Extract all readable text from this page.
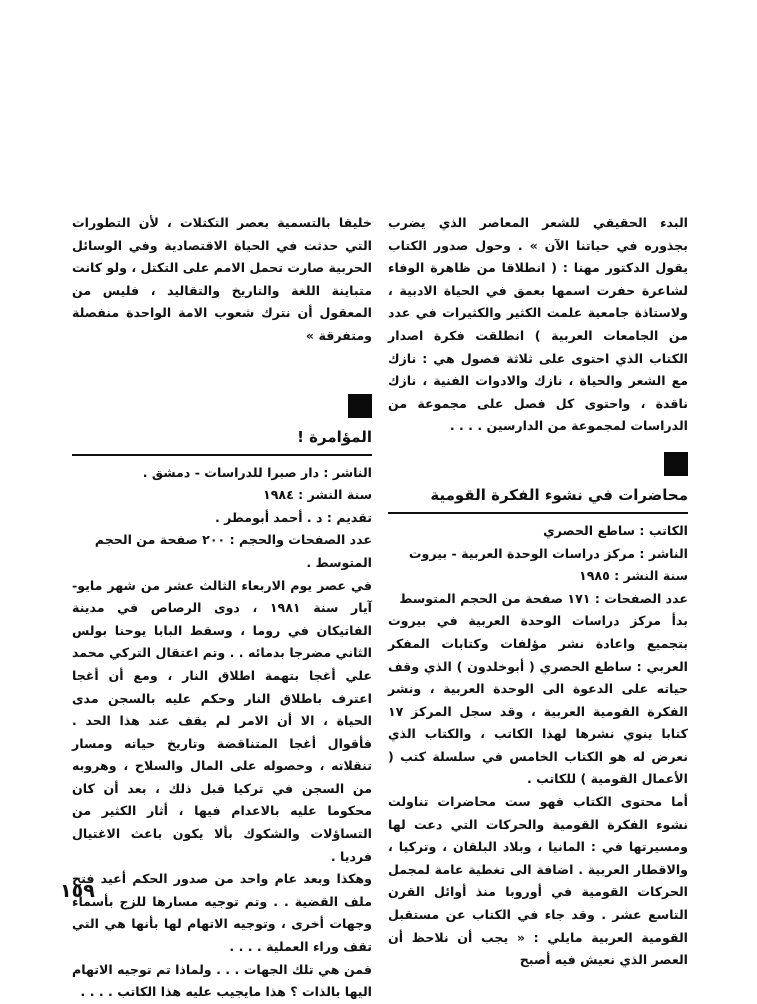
البدء الحقيقي للشعر المعاصر الذي يضرب بجذوره في حياتنا الآن » . وحول صدور الكتاب يقول الدكتور مهنا : ( انطلاقا من ظاهرة الوفاء لشاعرة حفرت اسمها بعمق في الحياة الادبية ، ولاستاذة جامعية علمت الكثير والكثيرات في عدد من الجامعات العربية ) انطلقت فكرة اصدار الكتاب الذي احتوى على ثلاثة فصول هي : نازك مع الشعر والحياة ، نازك والادوات الفنية ، نازك ناقدة ، واحتوى كل فصل على مجموعة من الدراسات لمجموعة من الدارسين . . . .

محاضرات في نشوء الفكرة القومية
الكاتب : ساطع الحصري
الناشر : مركز دراسات الوحدة العربية - بيروت
سنة النشر : ١٩٨٥
عدد الصفحات : ١٧١ صفحة من الحجم المتوسط

بدأ مركز دراسات الوحدة العربية في بيروت بتجميع واعادة نشر مؤلفات وكتابات المفكر العربي : ساطع الحصري ( أبوخلدون ) الذي وقف حياته على الدعوة الى الوحدة العربية ، ونشر الفكرة القومية العربية ، وقد سجل المركز ١٧ كتابا ينوي نشرها لهذا الكاتب ، والكتاب الذي نعرض له هو الكتاب الخامس في سلسلة كتب ( الأعمال القومية ) للكاتب .

أما محتوى الكتاب فهو ست محاضرات تناولت نشوء الفكرة القومية والحركات التي دعت لها ومسيرتها في : المانيا ، وبلاد البلقان ، وتركيا ، والاقطار العربية . اضافة الى تغطية عامة لمجمل الحركات القومية في أوروبا منذ أوائل القرن التاسع عشر . وقد جاء في الكتاب عن مستقبل القومية العربية مايلي : « يجب أن نلاحظ أن العصر الذي نعيش فيه أصبح

خليقا بالتسمية بعصر التكتلات ، لأن التطورات التي حدثت في الحياة الاقتصادية وفي الوسائل الحربية صارت تحمل الامم على التكتل ، ولو كانت متباينة اللغة والتاريخ والتقاليد ، فليس من المعقول أن نترك شعوب الامة الواحدة منفصلة ومتفرقة »

المؤامرة !
الناشر : دار صبرا للدراسات - دمشق .
سنة النشر : ١٩٨٤
تقديم : د . أحمد أبومطر .
عدد الصفحات والحجم : ٢٠٠ صفحة من الحجم المتوسط .

في عصر يوم الاربعاء الثالث عشر من شهر مايو- آيار سنة ١٩٨١ ، دوى الرصاص في مدينة الفاتيكان في روما ، وسقط البابا يوحنا بولس الثاني مضرجا بدمائه . . وتم اعتقال التركي محمد علي أغجا بتهمة اطلاق النار ، ومع أن أغجا اعترف باطلاق النار وحكم عليه بالسجن مدى الحياة ، الا أن الامر لم يقف عند هذا الحد . فأقوال أغجا المتناقضة وتاريخ حياته ومسار تنقلاته ، وحصوله على المال والسلاح ، وهروبه من السجن في تركيا قبل ذلك ، بعد أن كان محكوما عليه بالاعدام فيها ، أثار الكثير من التساؤلات والشكوك بألا يكون باعث الاغتيال فرديا .

وهكذا وبعد عام واحد من صدور الحكم أعيد فتح ملف القضية . . وتم توجيه مسارها للزج بأسماء وجهات أخرى ، وتوجيه الاتهام لها بأنها هي التي تقف وراء العملية . . . .

فمن هي تلك الجهات . . . ولماذا تم توجيه الاتهام اليها بالذات ؟ هذا مايجيب عليه هذا الكاتب . . . .

١٥٩
